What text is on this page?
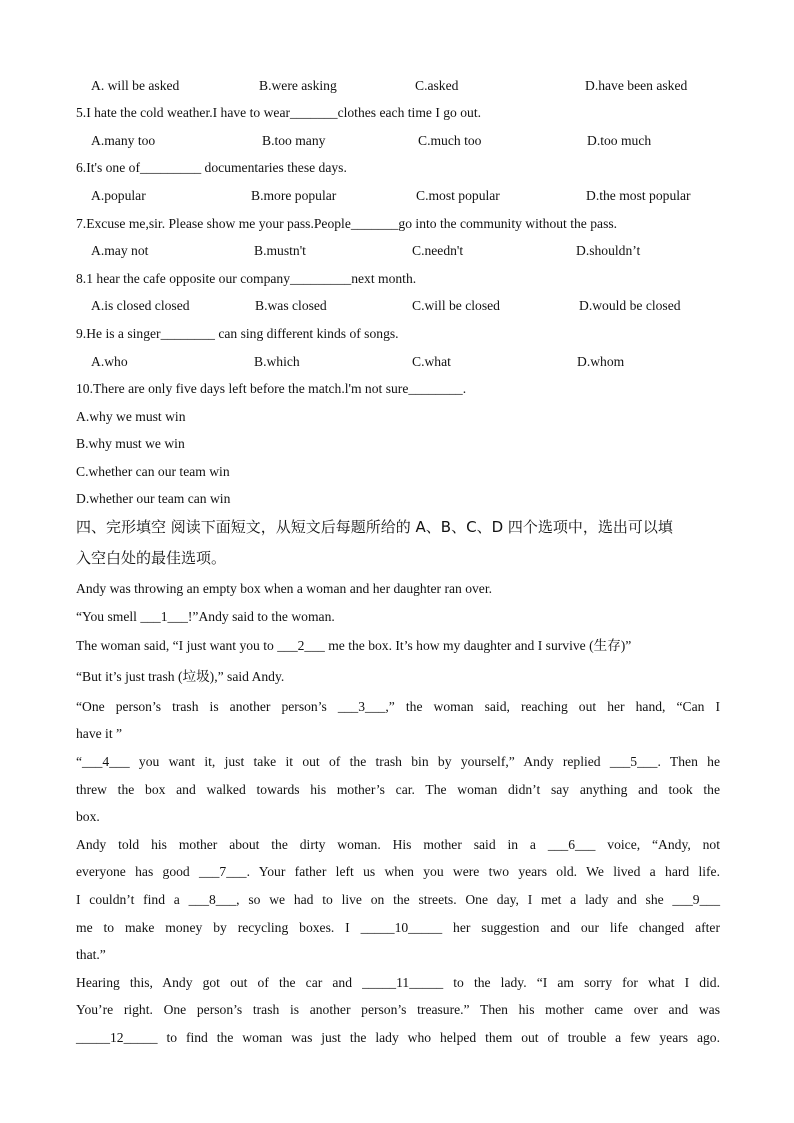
A. will be asked	B.were asking	C.asked	D.have been asked
5.I hate the cold weather.I have to wear_______clothes each time I go out.
A.many too	B.too many	C.much too	D.too much
6.It's one of_________ documentaries these days.
A.popular	B.more popular	C.most popular	D.the most popular
7.Excuse me,sir. Please show me your pass.People_______go into the community without the pass.
A.may not	B.mustn't	C.needn't	D.shouldn’t
8.1 hear the cafe opposite our company_________next month.
A.is closed closed	B.was closed	C.will be closed	D.would be closed
9.He is a singer________ can sing different kinds of songs.
A.who	B.which	C.what	D.whom
10.There are only five days left before the match.l'm not sure________.
A.why we must win
B.why must we win
C.whether can our team win
D.whether our team can win
四、完形填空 阅读下面短文，从短文后每题所给的 A、B、C、D 四个选项中，选出可以填
入空白处的最佳选项。
Andy was throwing an empty box when a woman and her daughter ran over.
“You smell ___1___!”Andy said to the woman.
The woman said, “I just want you to ___2___ me the box. It’s how my daughter and I survive (生存)”
“But it’s just trash (垃圾),” said Andy.
“One person’s trash is another person’s ___3___,” the woman said, reaching out her hand, “Can I
have it ”
“___4___ you want it, just take it out of the trash bin by yourself,” Andy replied ___5___. Then he
threw the box and walked towards his mother’s car. The woman didn’t say anything and took the
box.
Andy told his mother about the dirty woman. His mother said in a ___6___ voice, “Andy, not
everyone has good ___7___. Your father left us when you were two years old. We lived a hard life.
I couldn’t find a ___8___, so we had to live on the streets. One day, I met a lady and she ___9___
me to make money by recycling boxes. I _____10_____ her suggestion and our life changed after
that.”
Hearing this, Andy got out of the car and _____11_____ to the lady. “I am sorry for what I did.
You’re right. One person’s trash is another person’s treasure.” Then his mother came over and was
_____12_____ to find the woman was just the lady who helped them out of trouble a few years ago.
